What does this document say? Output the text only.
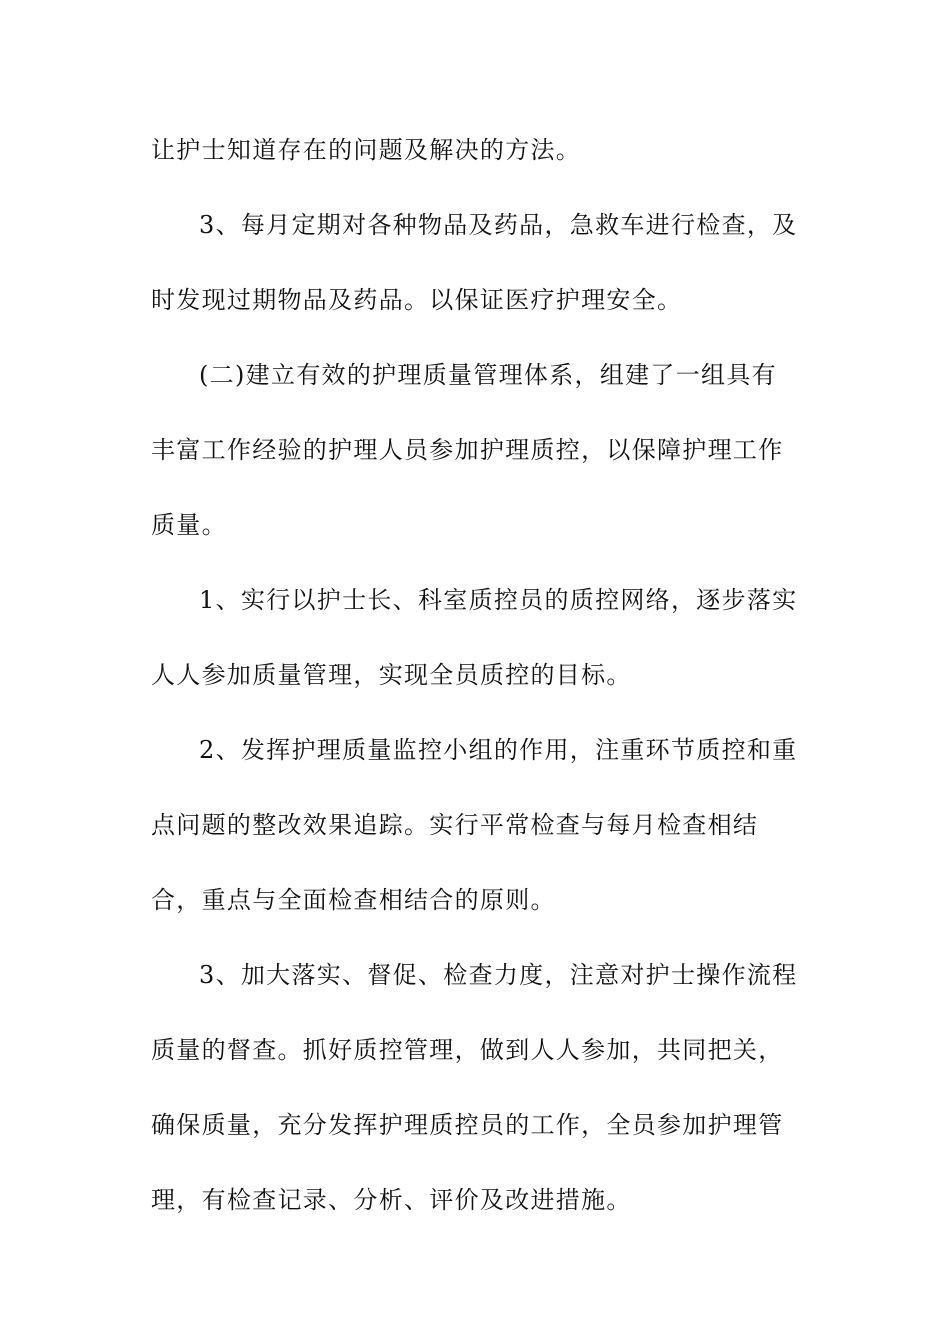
让护士知道存在的问题及解决的方法。
3、每月定期对各种物品及药品，急救车进行检查，及
时发现过期物品及药品。以保证医疗护理安全。
(二)建立有效的护理质量管理体系，组建了一组具有
丰富工作经验的护理人员参加护理质控，以保障护理工作
质量。
1、实行以护士长、科室质控员的质控网络，逐步落实
人人参加质量管理，实现全员质控的目标。
2、发挥护理质量监控小组的作用，注重环节质控和重
点问题的整改效果追踪。实行平常检查与每月检查相结
合，重点与全面检查相结合的原则。
3、加大落实、督促、检查力度，注意对护士操作流程
质量的督查。抓好质控管理，做到人人参加，共同把关，
确保质量，充分发挥护理质控员的工作，全员参加护理管
理，有检查记录、分析、评价及改进措施。
